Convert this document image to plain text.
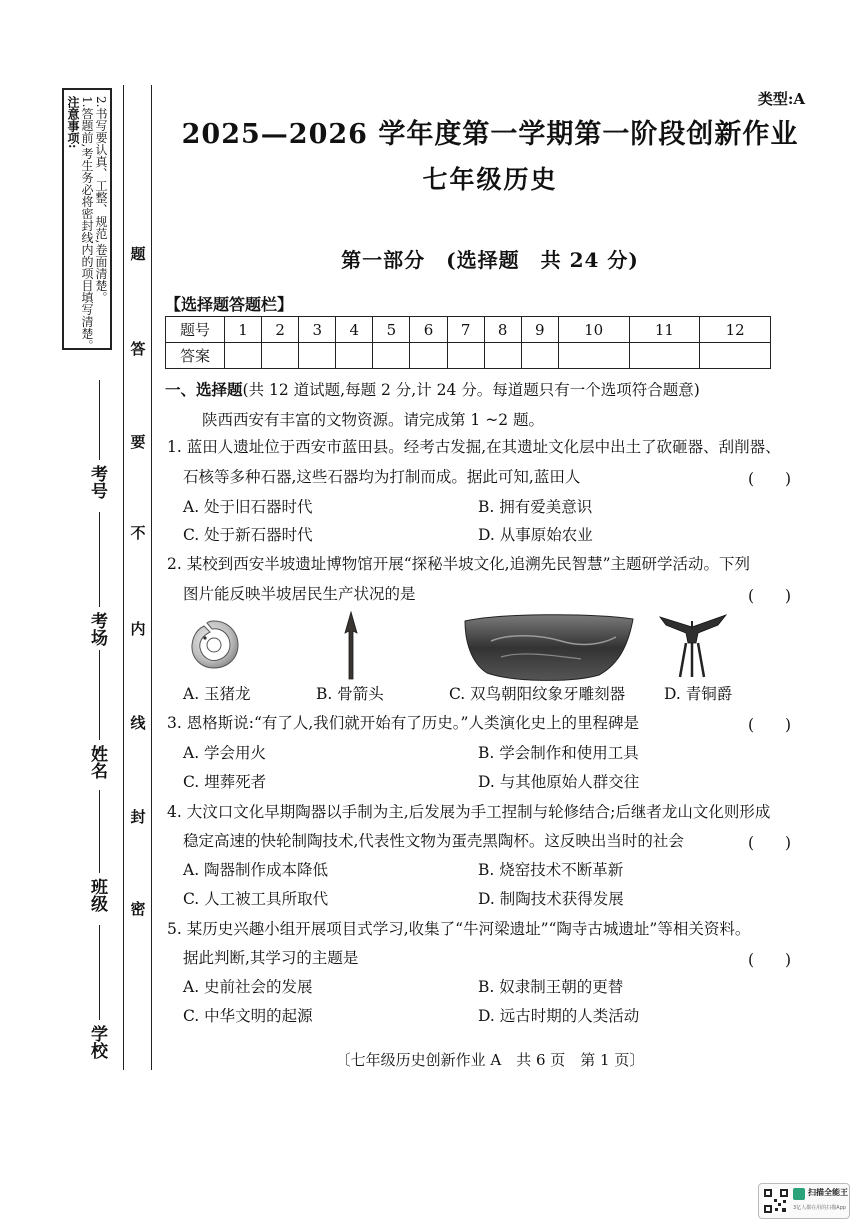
注意事项: 1.答题前,考生务必将密封线内的项目填写清楚。 2.书写要认真、工整、规范,卷面清楚。 题
答
要
不
内
线
封
密
考号
考场
姓名
班级
学校
类型:A
2025—2026 学年度第一学期第一阶段创新作业
七年级历史
第一部分　(选择题　共 24 分)
【选择题答题栏】
题号	1	2	3	4	5	6	7	8	9	10	11	12
答案												
一、选择题(共 12 道试题,每题 2 分,计 24 分。每道题只有一个选项符合题意)
陕西西安有丰富的文物资源。请完成第 1 ~2 题。
1. 蓝田人遗址位于西安市蓝田县。经考古发掘,在其遗址文化层中出土了砍砸器、刮削器、
石核等多种石器,这些石器均为打制而成。据此可知,蓝田人	(　　)
A. 处于旧石器时代	B. 拥有爱美意识
C. 处于新石器时代	D. 从事原始农业
2. 某校到西安半坡遗址博物馆开展“探秘半坡文化,追溯先民智慧”主题研学活动。下列
图片能反映半坡居民生产状况的是	(　　)
A. 玉猪龙	B. 骨箭头	C. 双鸟朝阳纹象牙雕刻器	D. 青铜爵
3. 恩格斯说:“有了人,我们就开始有了历史。”人类演化史上的里程碑是	(　　)
A. 学会用火	B. 学会制作和使用工具
C. 埋葬死者	D. 与其他原始人群交往
4. 大汶口文化早期陶器以手制为主,后发展为手工捏制与轮修结合;后继者龙山文化则形成
稳定高速的快轮制陶技术,代表性文物为蛋壳黑陶杯。这反映出当时的社会	(　　)
A. 陶器制作成本降低	B. 烧窑技术不断革新
C. 人工被工具所取代	D. 制陶技术获得发展
5. 某历史兴趣小组开展项目式学习,收集了“牛河梁遗址”“陶寺古城遗址”等相关资料。
据此判断,其学习的主题是	(　　)
A. 史前社会的发展	B. 奴隶制王朝的更替
C. 中华文明的起源	D. 远古时期的人类活动
〔七年级历史创新作业 A　共 6 页　第 1 页〕
扫描全能王
3亿人都在用的扫描App
